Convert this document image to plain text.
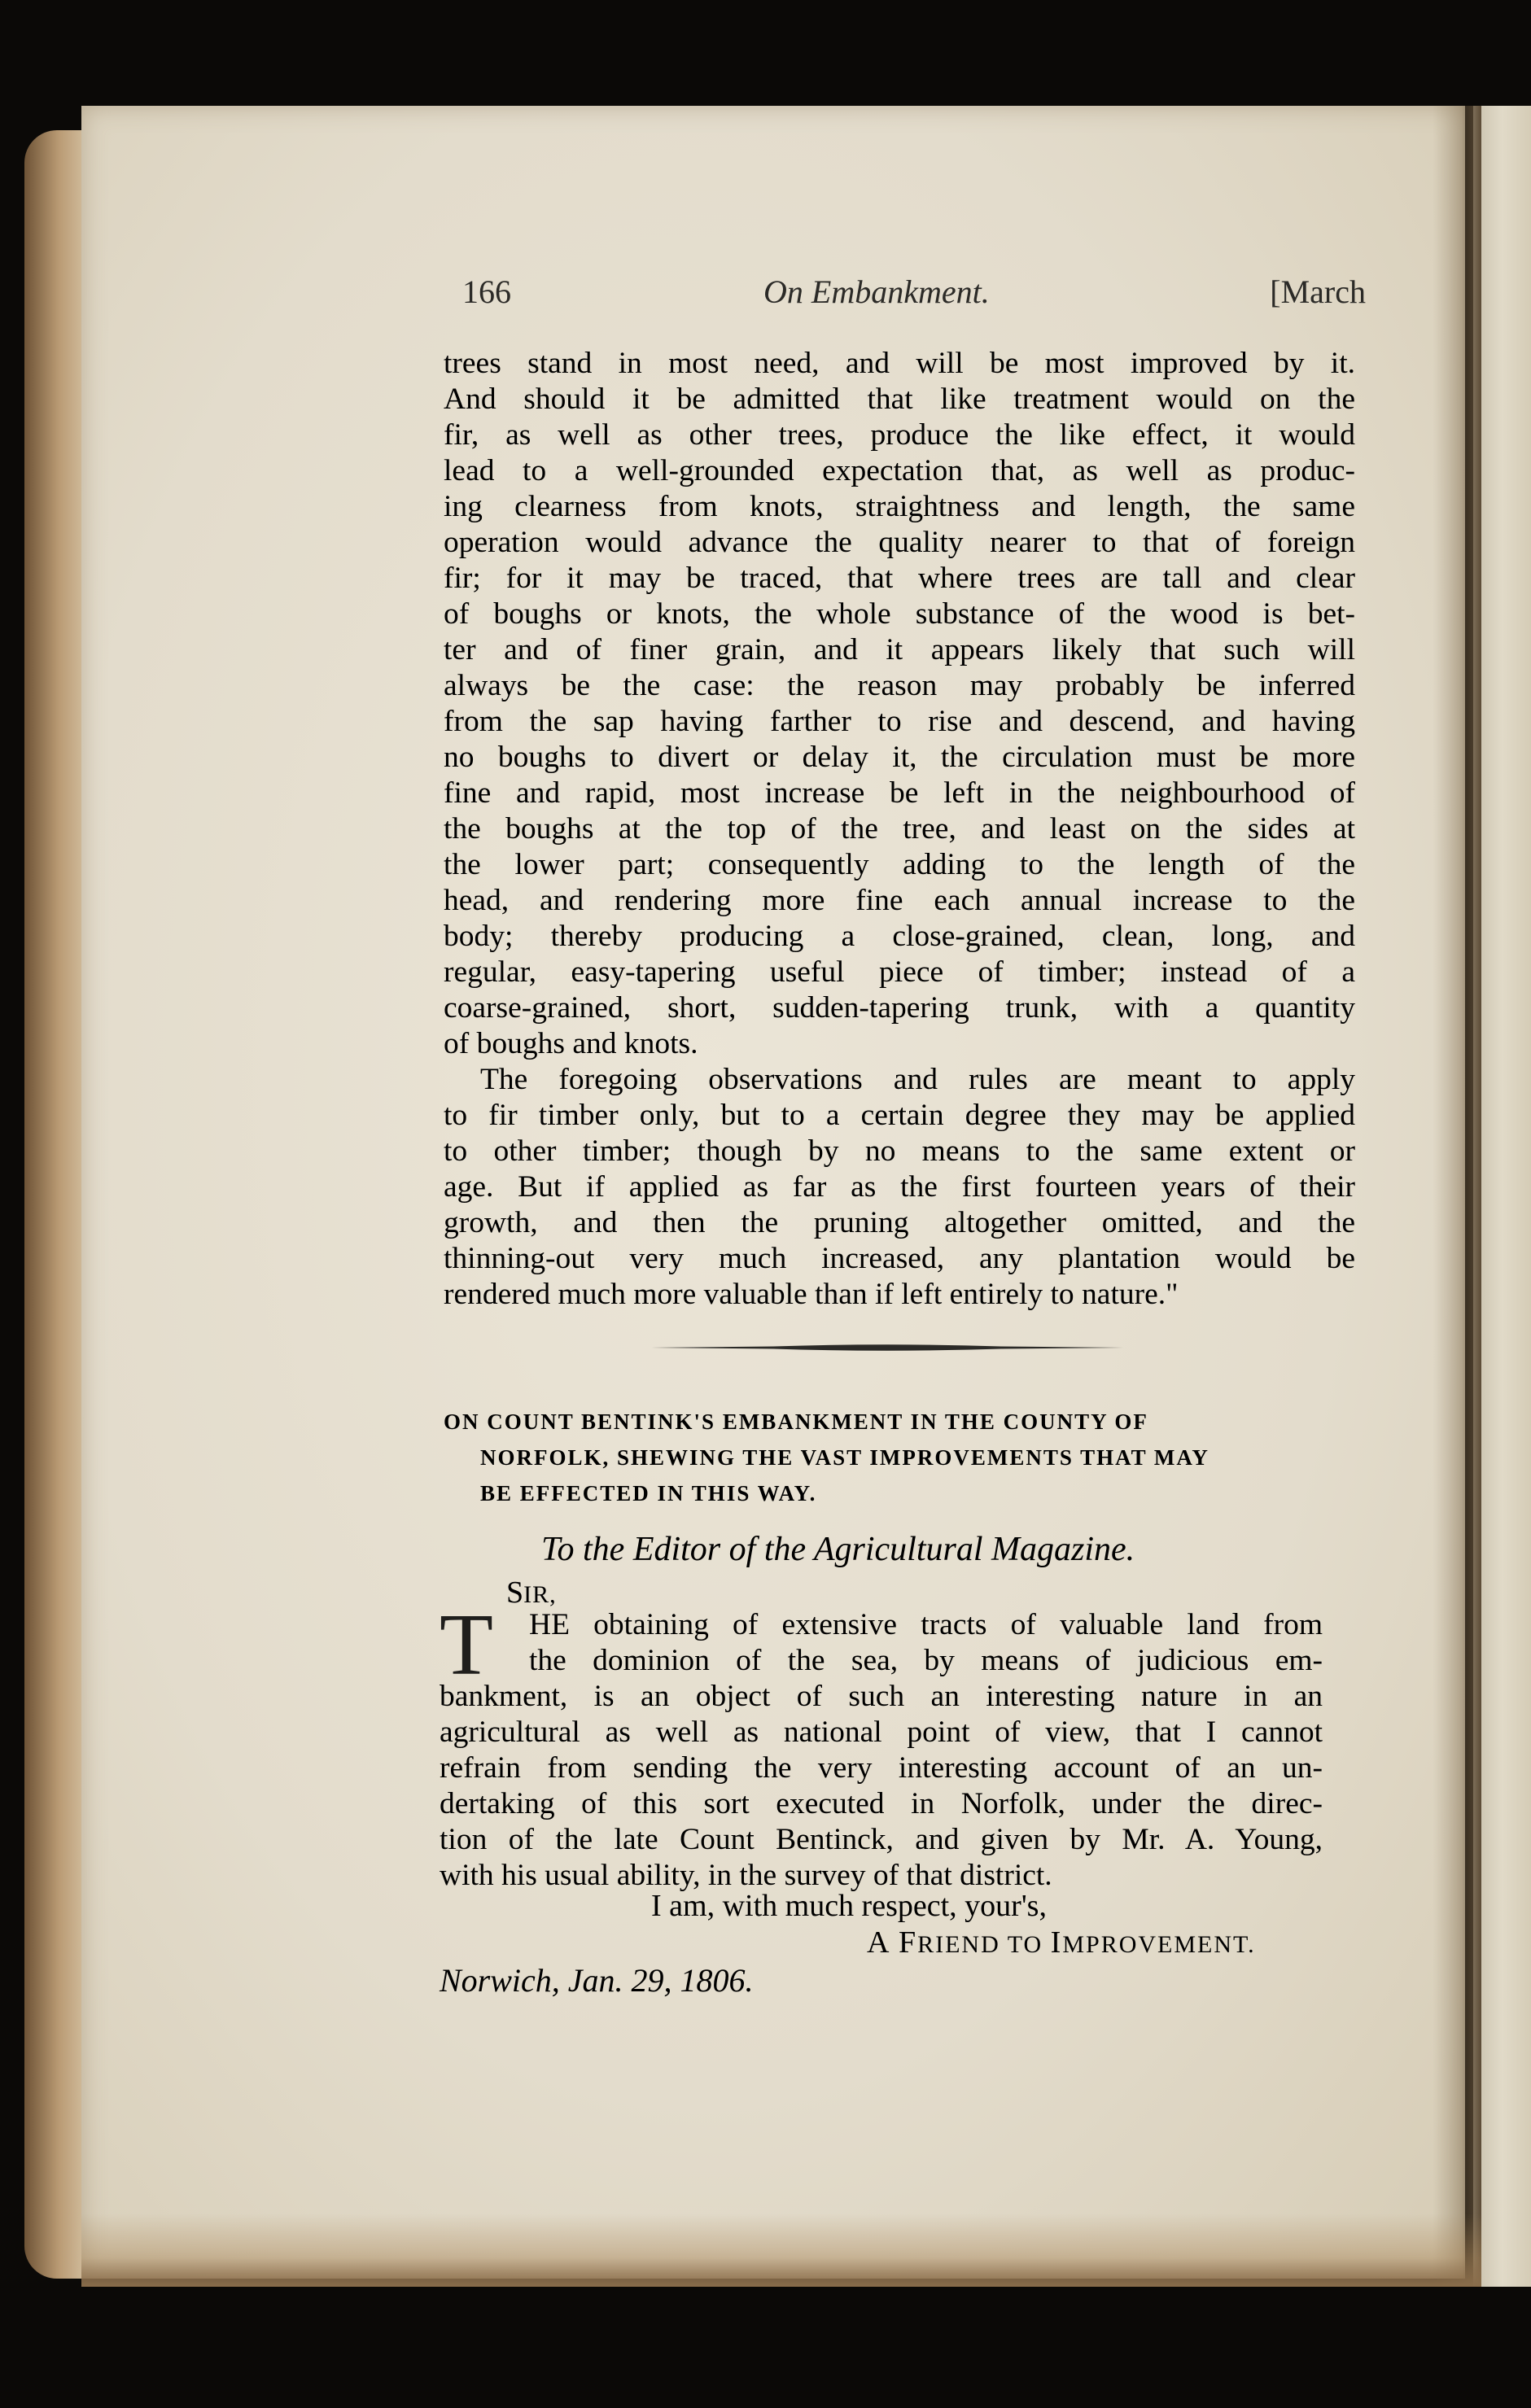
166	On Embankment.	[March

trees stand in most need, and will be most improved by it.
And should it be admitted that like treatment would on the
fir, as well as other trees, produce the like effect, it would
lead to a well-grounded expectation that, as well as produc-
ing clearness from knots, straightness and length, the same
operation would advance the quality nearer to that of foreign
fir; for it may be traced, that where trees are tall and clear
of boughs or knots, the whole substance of the wood is bet-
ter and of finer grain, and it appears likely that such will
always be the case: the reason may probably be inferred
from the sap having farther to rise and descend, and having
no boughs to divert or delay it, the circulation must be more
fine and rapid, most increase be left in the neighbourhood of
the boughs at the top of the tree, and least on the sides at
the lower part; consequently adding to the length of the
head, and rendering more fine each annual increase to the
body; thereby producing a close-grained, clean, long, and
regular, easy-tapering useful piece of timber; instead of a
coarse-grained, short, sudden-tapering trunk, with a quantity
of boughs and knots.
The foregoing observations and rules are meant to apply
to fir timber only, but to a certain degree they may be applied
to other timber; though by no means to the same extent or
age. But if applied as far as the first fourteen years of their
growth, and then the pruning altogether omitted, and the
thinning-out very much increased, any plantation would be
rendered much more valuable than if left entirely to nature."

ON COUNT BENTINK'S EMBANKMENT IN THE COUNTY OF
NORFOLK, SHEWING THE VAST IMPROVEMENTS THAT MAY
BE EFFECTED IN THIS WAY.

To the Editor of the Agricultural Magazine.

SIR,

T	HE obtaining of extensive tracts of valuable land from
the dominion of the sea, by means of judicious em-
bankment, is an object of such an interesting nature in an
agricultural as well as national point of view, that I cannot
refrain from sending the very interesting account of an un-
dertaking of this sort executed in Norfolk, under the direc-
tion of the late Count Bentinck, and given by Mr. A. Young,
with his usual ability, in the survey of that district.

I am, with much respect, your's,

A FRIEND TO IMPROVEMENT.

Norwich, Jan. 29, 1806.
